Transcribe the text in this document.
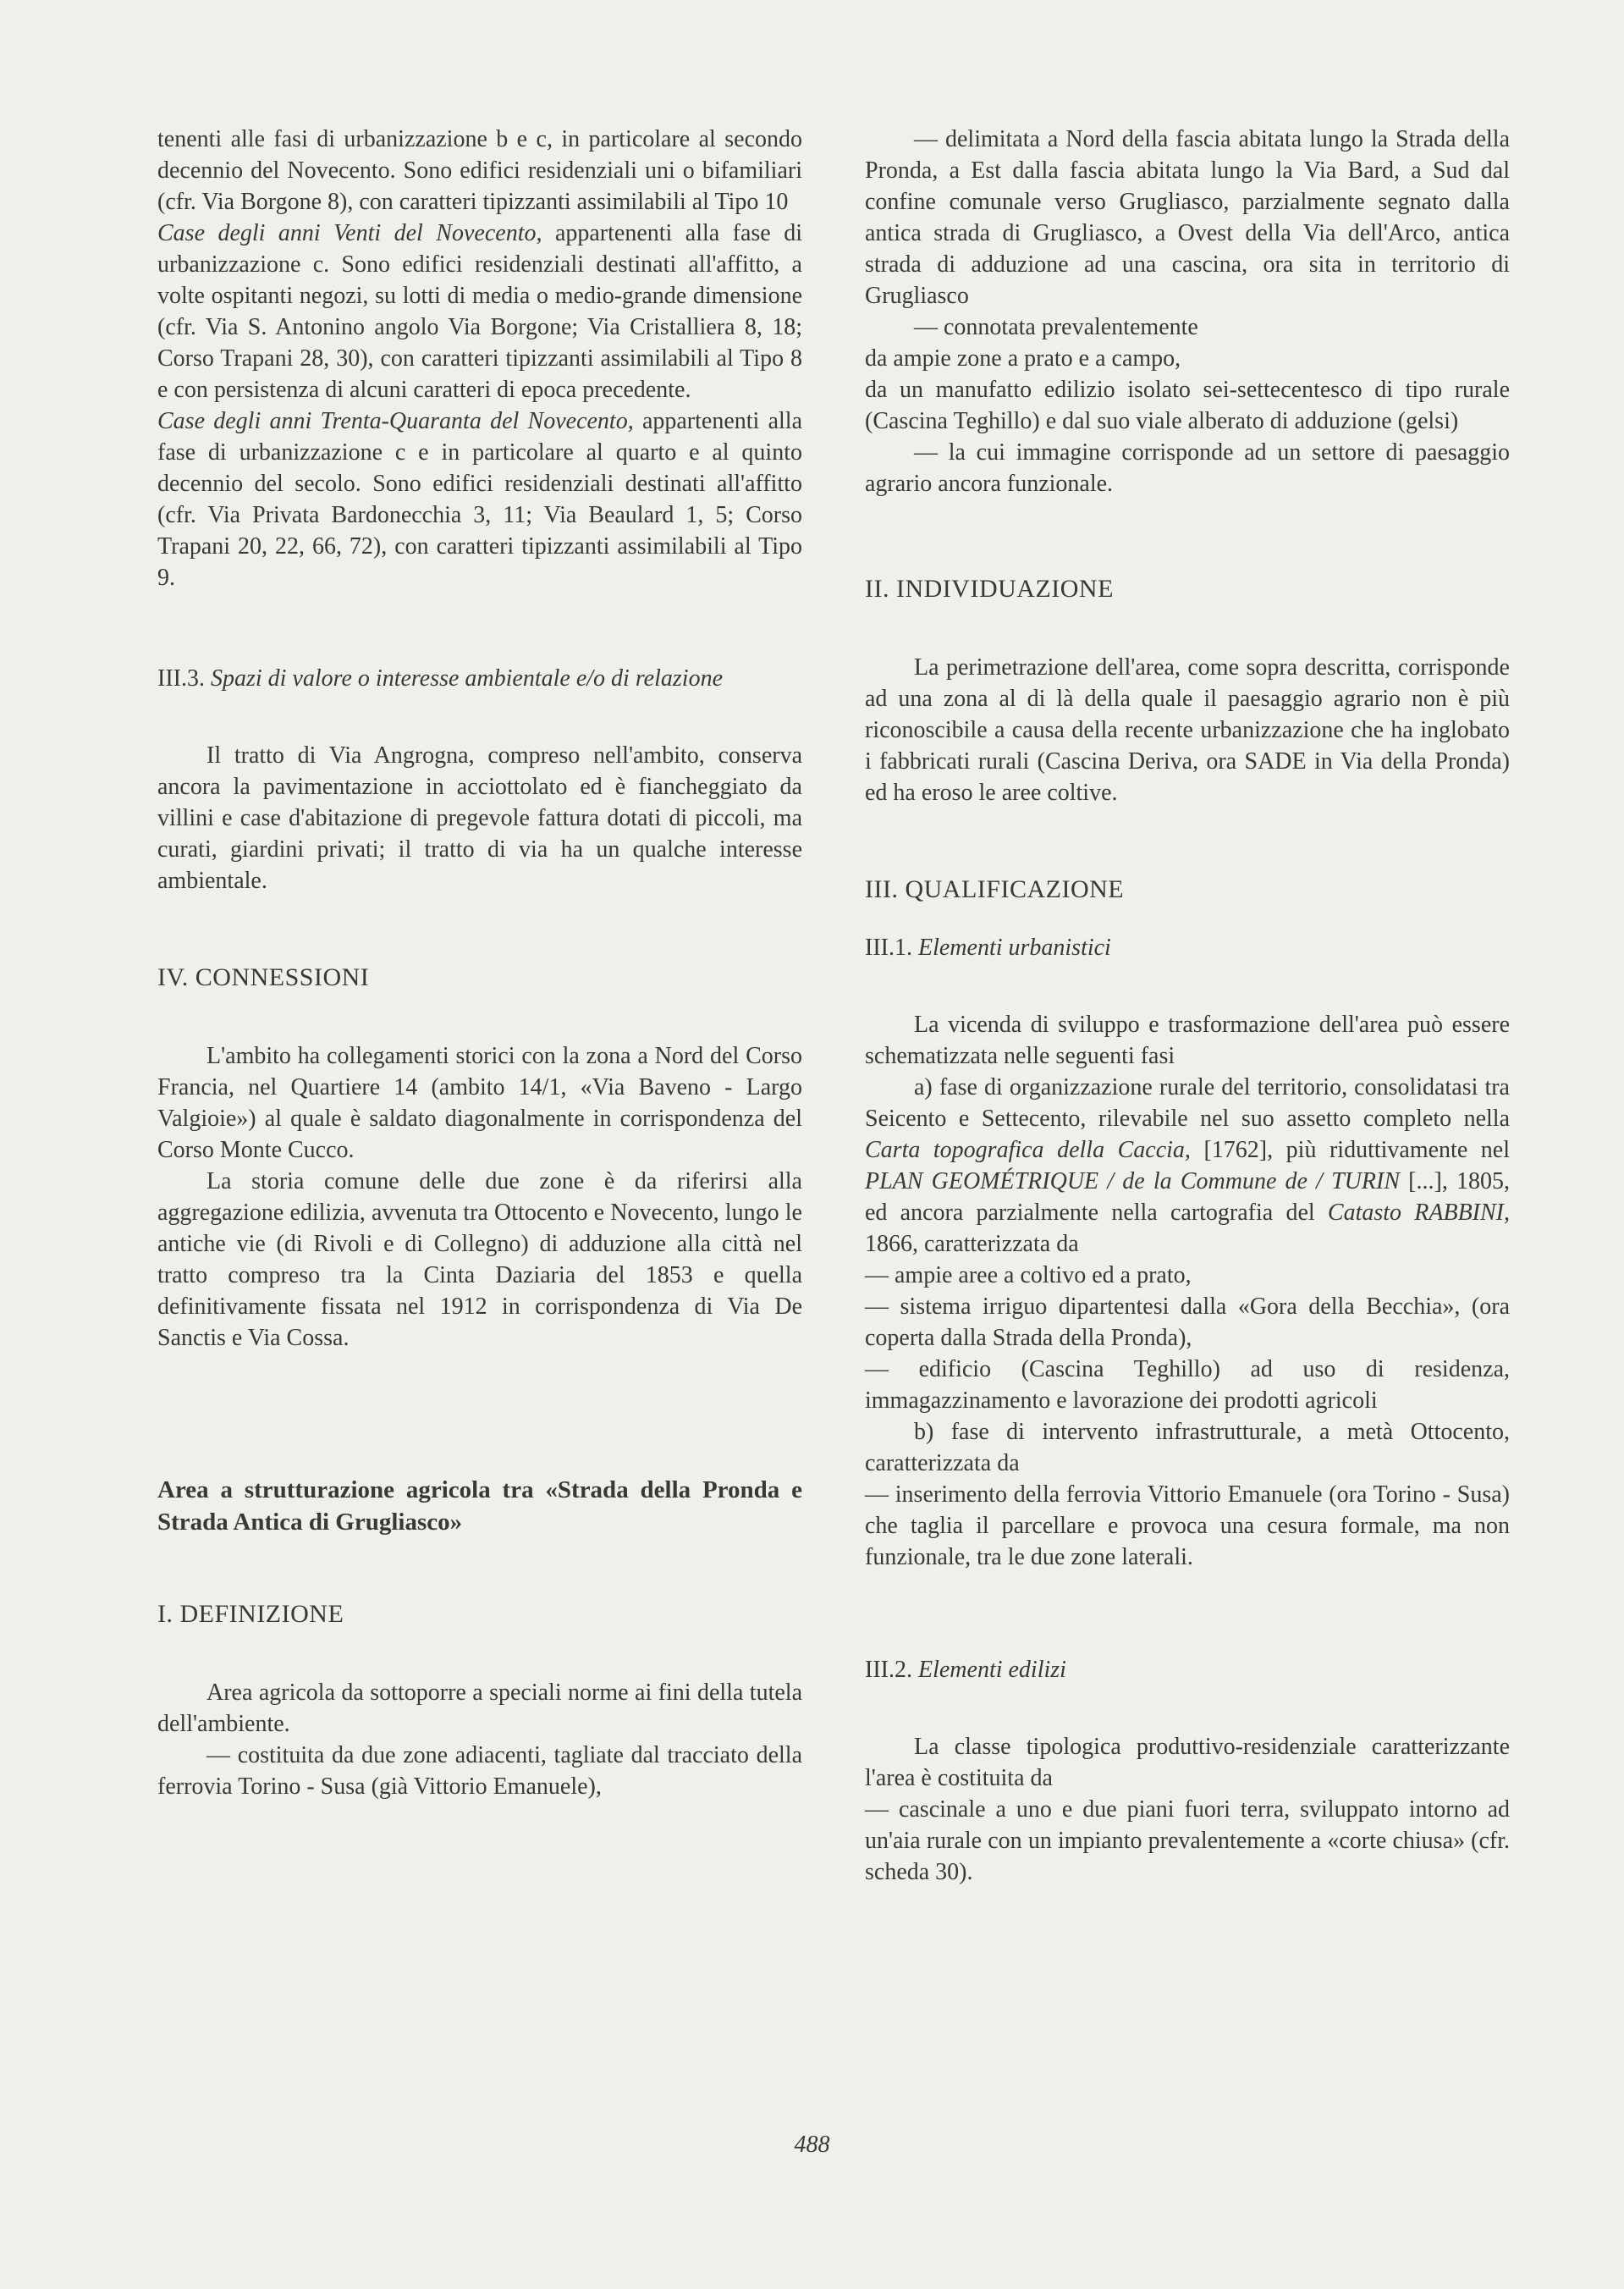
tenenti alle fasi di urbanizzazione b e c, in particolare al secondo decennio del Novecento. Sono edifici residenziali uni o bifamiliari (cfr. Via Borgone 8), con caratteri tipizzanti assimilabili al Tipo 10

Case degli anni Venti del Novecento, appartenenti alla fase di urbanizzazione c. Sono edifici residenziali destinati all'affitto, a volte ospitanti negozi, su lotti di media o medio-grande dimensione (cfr. Via S. Antonino angolo Via Borgone; Via Cristalliera 8, 18; Corso Trapani 28, 30), con caratteri tipizzanti assimilabili al Tipo 8 e con persistenza di alcuni caratteri di epoca precedente.

Case degli anni Trenta-Quaranta del Novecento, appartenenti alla fase di urbanizzazione c e in particolare al quarto e al quinto decennio del secolo. Sono edifici residenziali destinati all'affitto (cfr. Via Privata Bardonecchia 3, 11; Via Beaulard 1, 5; Corso Trapani 20, 22, 66, 72), con caratteri tipizzanti assimilabili al Tipo 9.

III.3. Spazi di valore o interesse ambientale e/o di relazione

Il tratto di Via Angrogna, compreso nell'ambito, conserva ancora la pavimentazione in acciottolato ed è fiancheggiato da villini e case d'abitazione di pregevole fattura dotati di piccoli, ma curati, giardini privati; il tratto di via ha un qualche interesse ambientale.

IV. CONNESSIONI

L'ambito ha collegamenti storici con la zona a Nord del Corso Francia, nel Quartiere 14 (ambito 14/1, «Via Baveno - Largo Valgioie») al quale è saldato diagonalmente in corrispondenza del Corso Monte Cucco.

La storia comune delle due zone è da riferirsi alla aggregazione edilizia, avvenuta tra Ottocento e Novecento, lungo le antiche vie (di Rivoli e di Collegno) di adduzione alla città nel tratto compreso tra la Cinta Daziaria del 1853 e quella definitivamente fissata nel 1912 in corrispondenza di Via De Sanctis e Via Cossa.

Area a strutturazione agricola tra «Strada della Pronda e Strada Antica di Grugliasco»
I. DEFINIZIONE

Area agricola da sottoporre a speciali norme ai fini della tutela dell'ambiente.

— costituita da due zone adiacenti, tagliate dal tracciato della ferrovia Torino - Susa (già Vittorio Emanuele),

— delimitata a Nord della fascia abitata lungo la Strada della Pronda, a Est dalla fascia abitata lungo la Via Bard, a Sud dal confine comunale verso Grugliasco, parzialmente segnato dalla antica strada di Grugliasco, a Ovest della Via dell'Arco, antica strada di adduzione ad una cascina, ora sita in territorio di Grugliasco

— connotata prevalentemente

da ampie zone a prato e a campo,

da un manufatto edilizio isolato sei-settecentesco di tipo rurale (Cascina Teghillo) e dal suo viale alberato di adduzione (gelsi)

— la cui immagine corrisponde ad un settore di paesaggio agrario ancora funzionale.

II. INDIVIDUAZIONE

La perimetrazione dell'area, come sopra descritta, corrisponde ad una zona al di là della quale il paesaggio agrario non è più riconoscibile a causa della recente urbanizzazione che ha inglobato i fabbricati rurali (Cascina Deriva, ora SADE in Via della Pronda) ed ha eroso le aree coltive.

III. QUALIFICAZIONE
III.1. Elementi urbanistici

La vicenda di sviluppo e trasformazione dell'area può essere schematizzata nelle seguenti fasi

a) fase di organizzazione rurale del territorio, consolidatasi tra Seicento e Settecento, rilevabile nel suo assetto completo nella Carta topografica della Caccia, [1762], più riduttivamente nel PLAN GEOMÉTRIQUE / de la Commune de / TURIN [...], 1805, ed ancora parzialmente nella cartografia del Catasto RABBINI, 1866, caratterizzata da

— ampie aree a coltivo ed a prato,

— sistema irriguo dipartentesi dalla «Gora della Becchia», (ora coperta dalla Strada della Pronda),

— edificio (Cascina Teghillo) ad uso di residenza, immagazzinamento e lavorazione dei prodotti agricoli

b) fase di intervento infrastrutturale, a metà Ottocento, caratterizzata da

— inserimento della ferrovia Vittorio Emanuele (ora Torino - Susa) che taglia il parcellare e provoca una cesura formale, ma non funzionale, tra le due zone laterali.

III.2. Elementi edilizi

La classe tipologica produttivo-residenziale caratterizzante l'area è costituita da

— cascinale a uno e due piani fuori terra, sviluppato intorno ad un'aia rurale con un impianto prevalentemente a «corte chiusa» (cfr. scheda 30).

488
